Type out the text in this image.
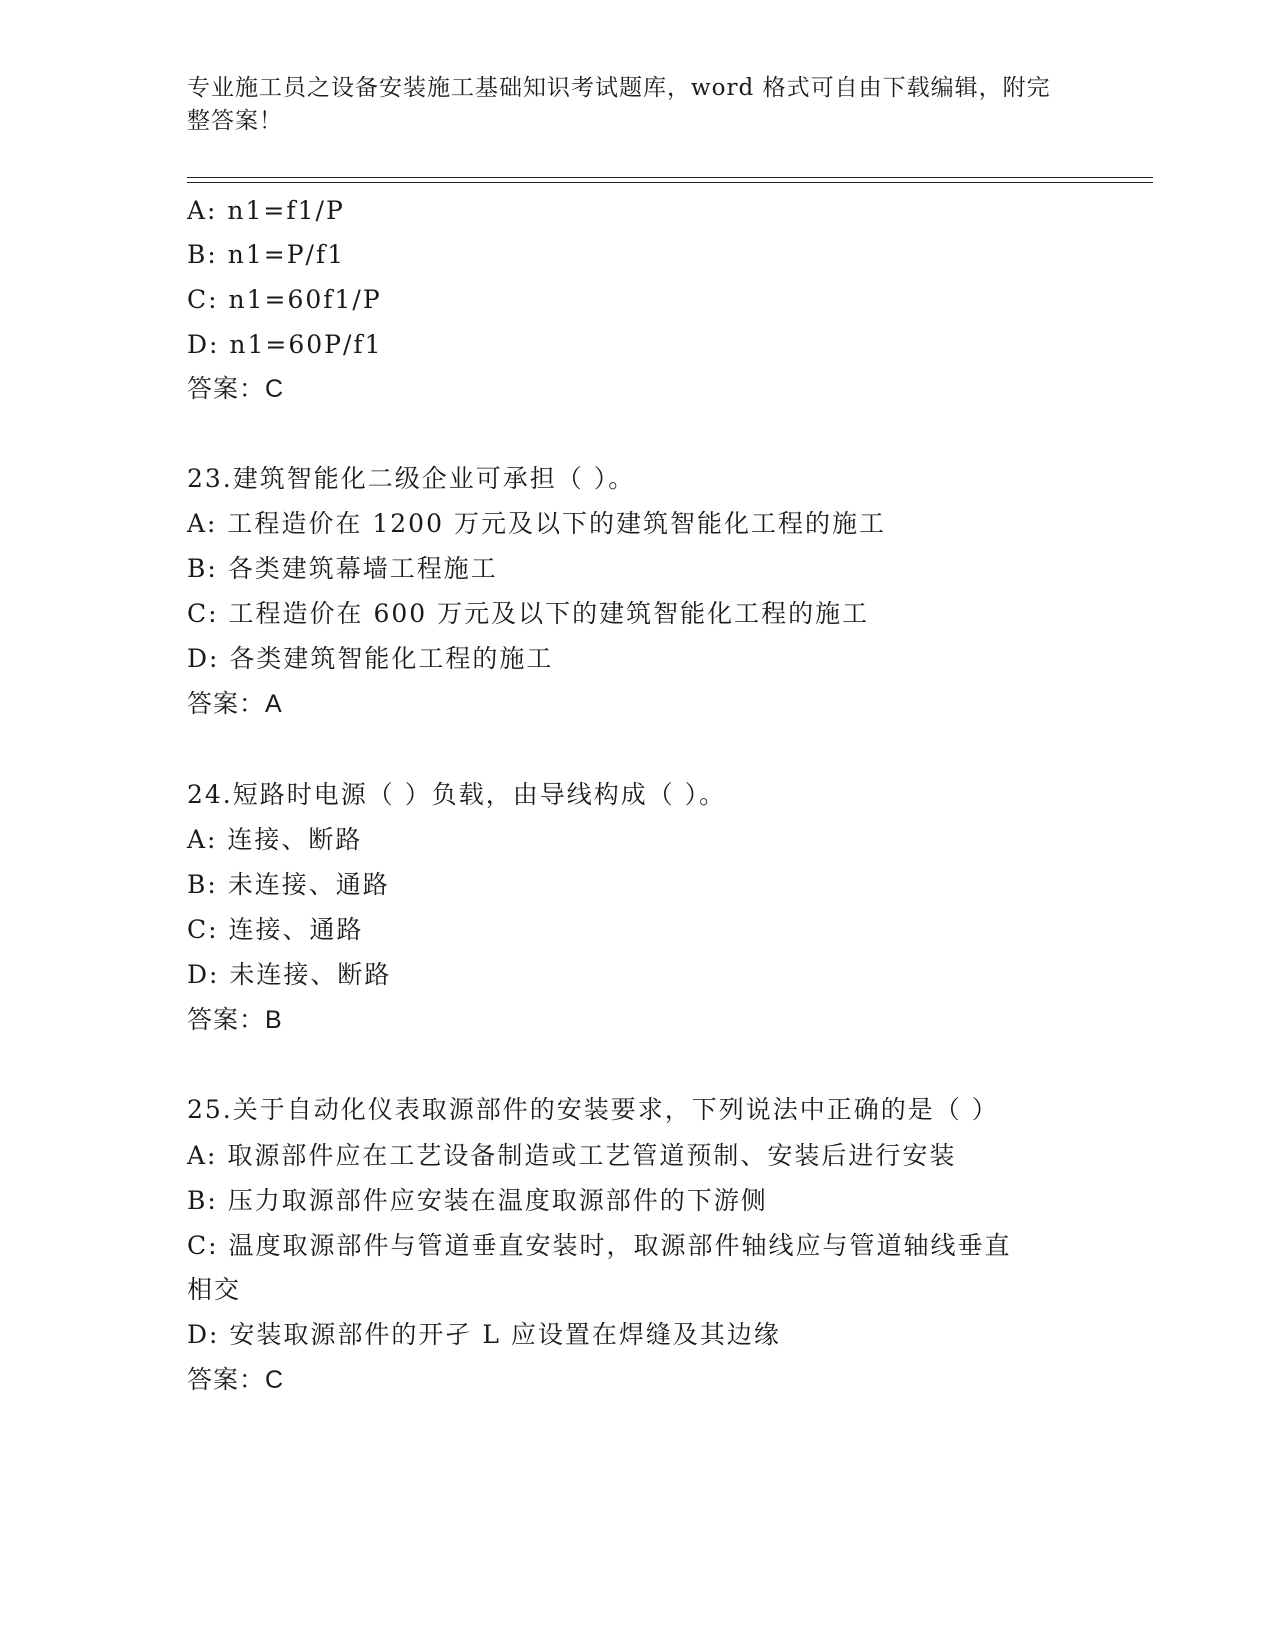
专业施工员之设备安装施工基础知识考试题库，word 格式可自由下载编辑，附完
整答案！
A: n1=f1/P
B: n1=P/f1
C: n1=60f1/P
D: n1=60P/f1
答案：C
23.建筑智能化二级企业可承担（ ）。
A: 工程造价在 1200 万元及以下的建筑智能化工程的施工
B: 各类建筑幕墙工程施工
C: 工程造价在 600 万元及以下的建筑智能化工程的施工
D: 各类建筑智能化工程的施工
答案：A
24.短路时电源（ ）负载，由导线构成（ ）。
A: 连接、断路
B: 未连接、通路
C: 连接、通路
D: 未连接、断路
答案：B
25.关于自动化仪表取源部件的安装要求，下列说法中正确的是（ ）
A: 取源部件应在工艺设备制造或工艺管道预制、安装后进行安装
B: 压力取源部件应安装在温度取源部件的下游侧
C: 温度取源部件与管道垂直安装时，取源部件轴线应与管道轴线垂直
相交
D: 安装取源部件的开孑 L 应设置在焊缝及其边缘
答案：C
